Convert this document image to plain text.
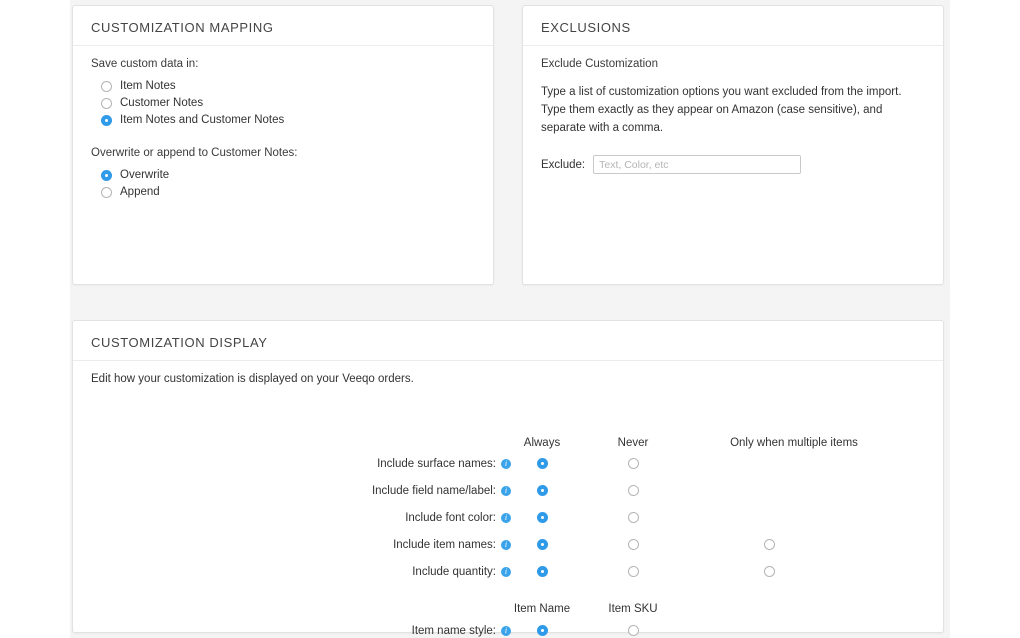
CUSTOMIZATION MAPPING
Save custom data in:
Item Notes
Customer Notes
Item Notes and Customer Notes
Overwrite or append to Customer Notes:
Overwrite
Append
EXCLUSIONS
Exclude Customization

Type a list of customization options you want excluded from the import. Type them exactly as they appear on Amazon (case sensitive), and separate with a comma.

Exclude:
Text, Color, etc
CUSTOMIZATION DISPLAY
Edit how your customization is displayed on your Veeqo orders.
Always	Never	Only when multiple items
Include surface names: i
Include field name/label: i
Include font color: i
Include item names: i
Include quantity: i
Item Name	Item SKU
Item name style: i
